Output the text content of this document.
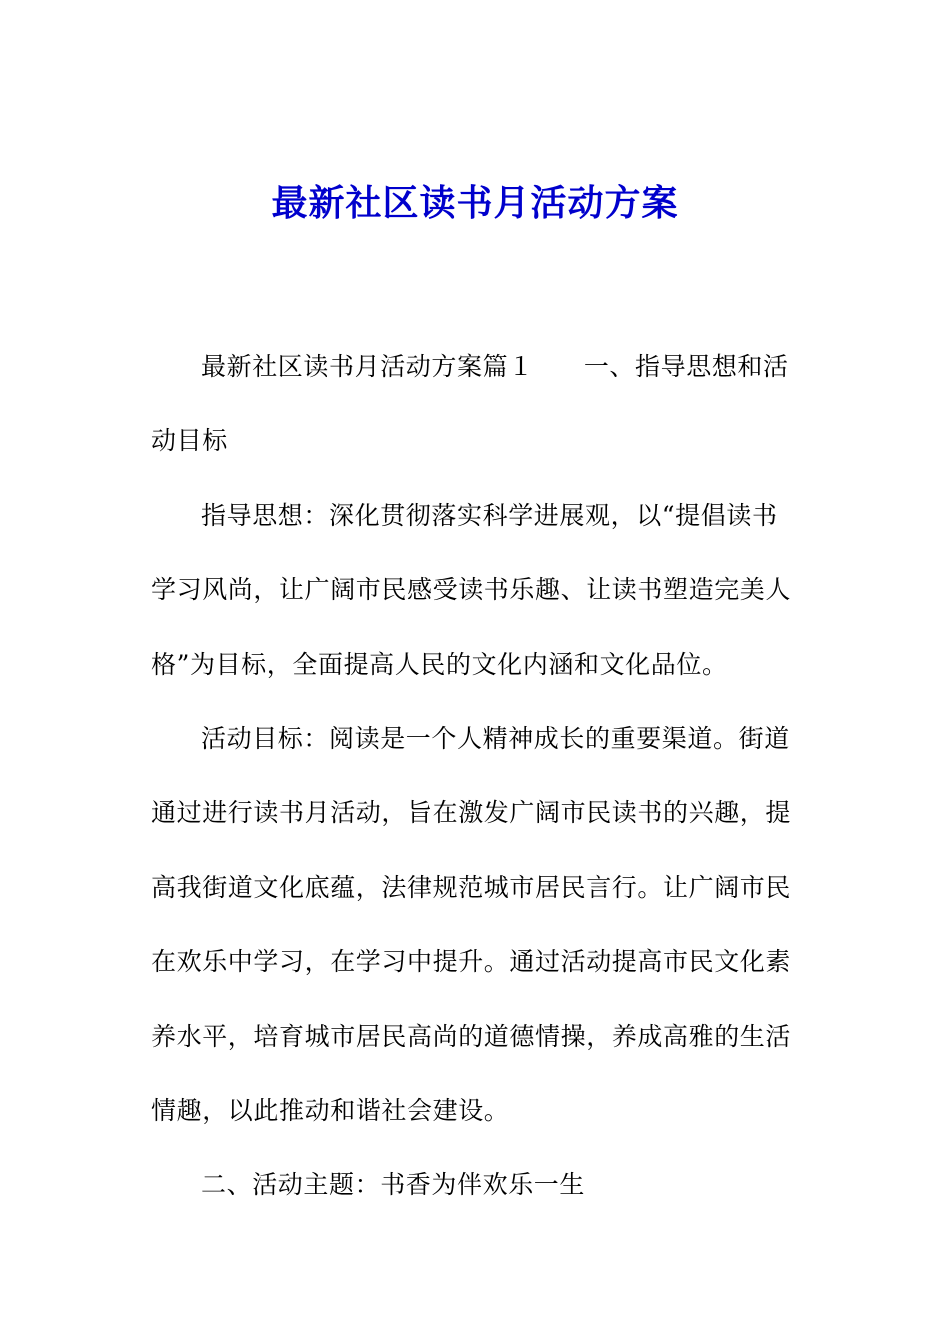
最新社区读书月活动方案

最新社区读书月活动方案篇１ 一、指导思想和活动目标

指导思想：深化贯彻落实科学进展观，以“提倡读书学习风尚，让广阔市民感受读书乐趣、让读书塑造完美人格”为目标，全面提高人民的文化内涵和文化品位。

活动目标：阅读是一个人精神成长的重要渠道。街道通过进行读书月活动，旨在激发广阔市民读书的兴趣，提高我街道文化底蕴，法律规范城市居民言行。让广阔市民在欢乐中学习，在学习中提升。通过活动提高市民文化素养水平，培育城市居民高尚的道德情操，养成高雅的生活情趣，以此推动和谐社会建设。

二、活动主题：书香为伴欢乐一生
